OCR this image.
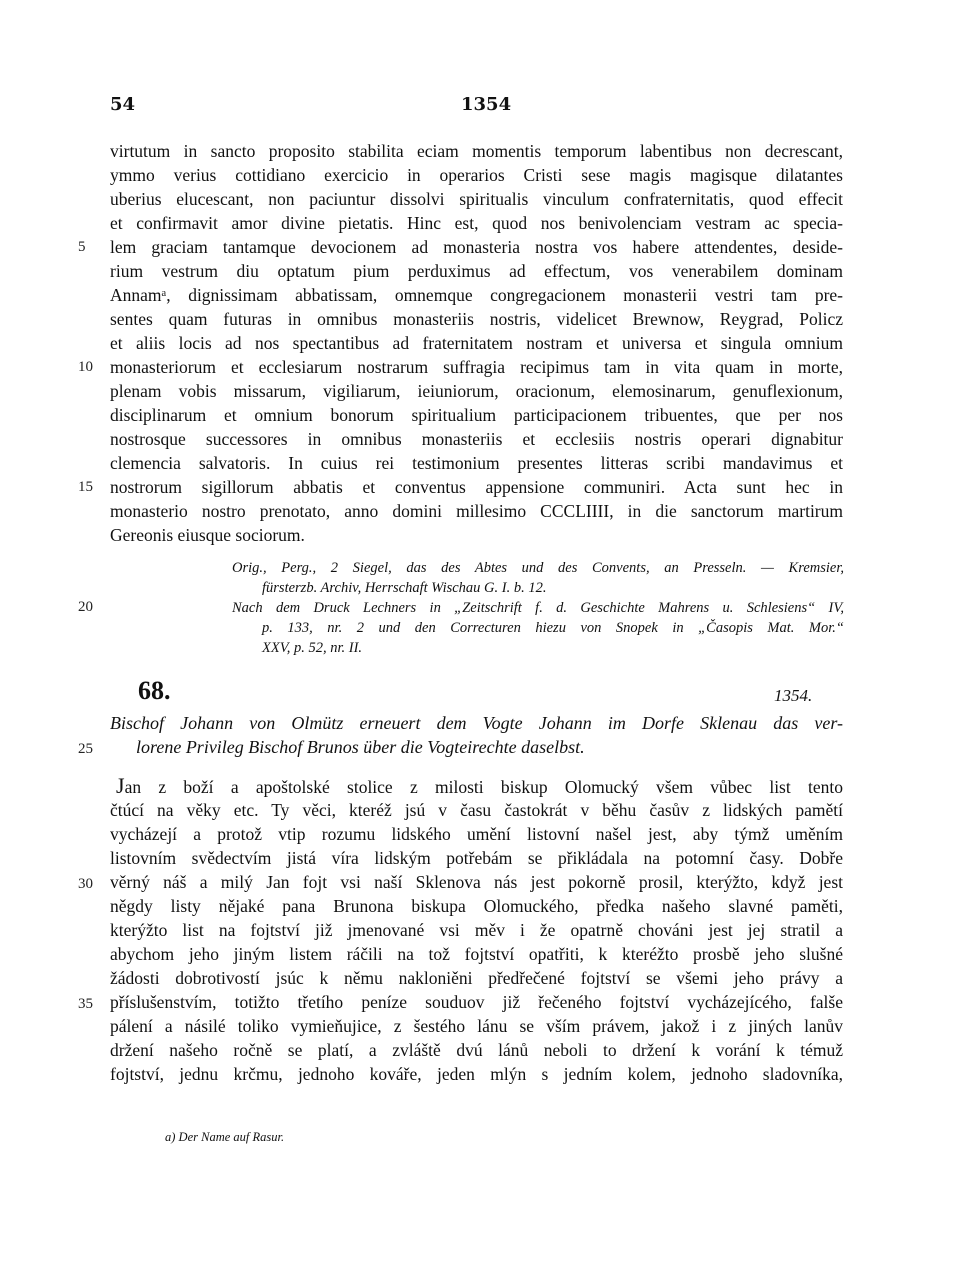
54	1354
virtutum in sancto proposito stabilita eciam momentis temporum labentibus non decrescant,
ymmo verius cottidiano exercicio in operarios Cristi sese magis magisque dilatantes
uberius elucescant, non paciuntur dissolvi spiritualis vinculum confraternitatis, quod effecit
et confirmavit amor divine pietatis. Hinc est, quod nos benivolenciam vestram ac specia-
lem graciam tantamque devocionem ad monasteria nostra vos habere attendentes, deside-
rium vestrum diu optatum pium perduximus ad effectum, vos venerabilem dominam
Annamᵃ, dignissimam abbatissam, omnemque congregacionem monasterii vestri tam pre-
sentes quam futuras in omnibus monasteriis nostris, videlicet Brewnow, Reygrad, Policz
et aliis locis ad nos spectantibus ad fraternitatem nostram et universa et singula omnium
monasteriorum et ecclesiarum nostrarum suffragia recipimus tam in vita quam in morte,
plenam vobis missarum, vigiliarum, ieiuniorum, oracionum, elemosinarum, genuflexionum,
disciplinarum et omnium bonorum spiritualium participacionem tribuentes, que per nos
nostrosque successores in omnibus monasteriis et ecclesiis nostris operari dignabitur
clemencia salvatoris. In cuius rei testimonium presentes litteras scribi mandavimus et
nostrorum sigillorum abbatis et conventus appensione communiri. Acta sunt hec in
monasterio nostro prenotato, anno domini millesimo CCCLIIII, in die sanctorum martirum
Gereonis eiusque sociorum.
Orig., Perg., 2 Siegel, das des Abtes und des Convents, an Presseln. — Kremsier,
fürsterzb. Archiv, Herrschaft Wischau G. I. b. 12.
Nach dem Druck Lechners in „Zeitschrift f. d. Geschichte Mahrens u. Schlesiens“ IV,
p. 133, nr. 2 und den Correcturen hiezu von Snopek in „Časopis Mat. Mor.“
XXV, p. 52, nr. II.
68.	1354.
Bischof Johann von Olmütz erneuert dem Vogte Johann im Dorfe Sklenau das ver-
lorene Privileg Bischof Brunos über die Vogteirechte daselbst.
Jan z boží a apoštolské stolice z milosti biskup Olomucký všem vůbec list tento
čtúcí na věky etc. Ty věci, kteréž jsú v času častokrát v běhu časův z lidských pamětí
vycházejí a protož vtip rozumu lidského umění listovní našel jest, aby týmž uměním
listovním svědectvím jistá víra lidským potřebám se přikládala na potomní časy. Dobře
věrný náš a milý Jan fojt vsi naší Sklenova nás jest pokorně prosil, kterýžto, když jest
něgdy listy nějaké pana Brunona biskupa Olomuckého, předka našeho slavné paměti,
kterýžto list na fojtství již jmenované vsi měv i že opatrně chováni jest jej stratil a
abychom jeho jiným listem ráčili na tož fojtství opatřiti, k kteréžto prosbě jeho slušné
žádosti dobrotivostí jsúc k němu nakloniěni předřečené fojtství se všemi jeho právy a
příslušenstvím, totižto třetího peníze souduov již řečeného fojtství vycházejícého, falše
pálení a násilé toliko vymieňujice, z šestého lánu se vším právem, jakož i z jiných lanův
držení našeho ročně se platí, a zvláště dvú lánů neboli to držení k vorání k témuž
fojtství, jednu krčmu, jednoho kováře, jeden mlýn s jedním kolem, jednoho sladovníka,
5
10
15
20
25
30
35
a) Der Name auf Rasur.
